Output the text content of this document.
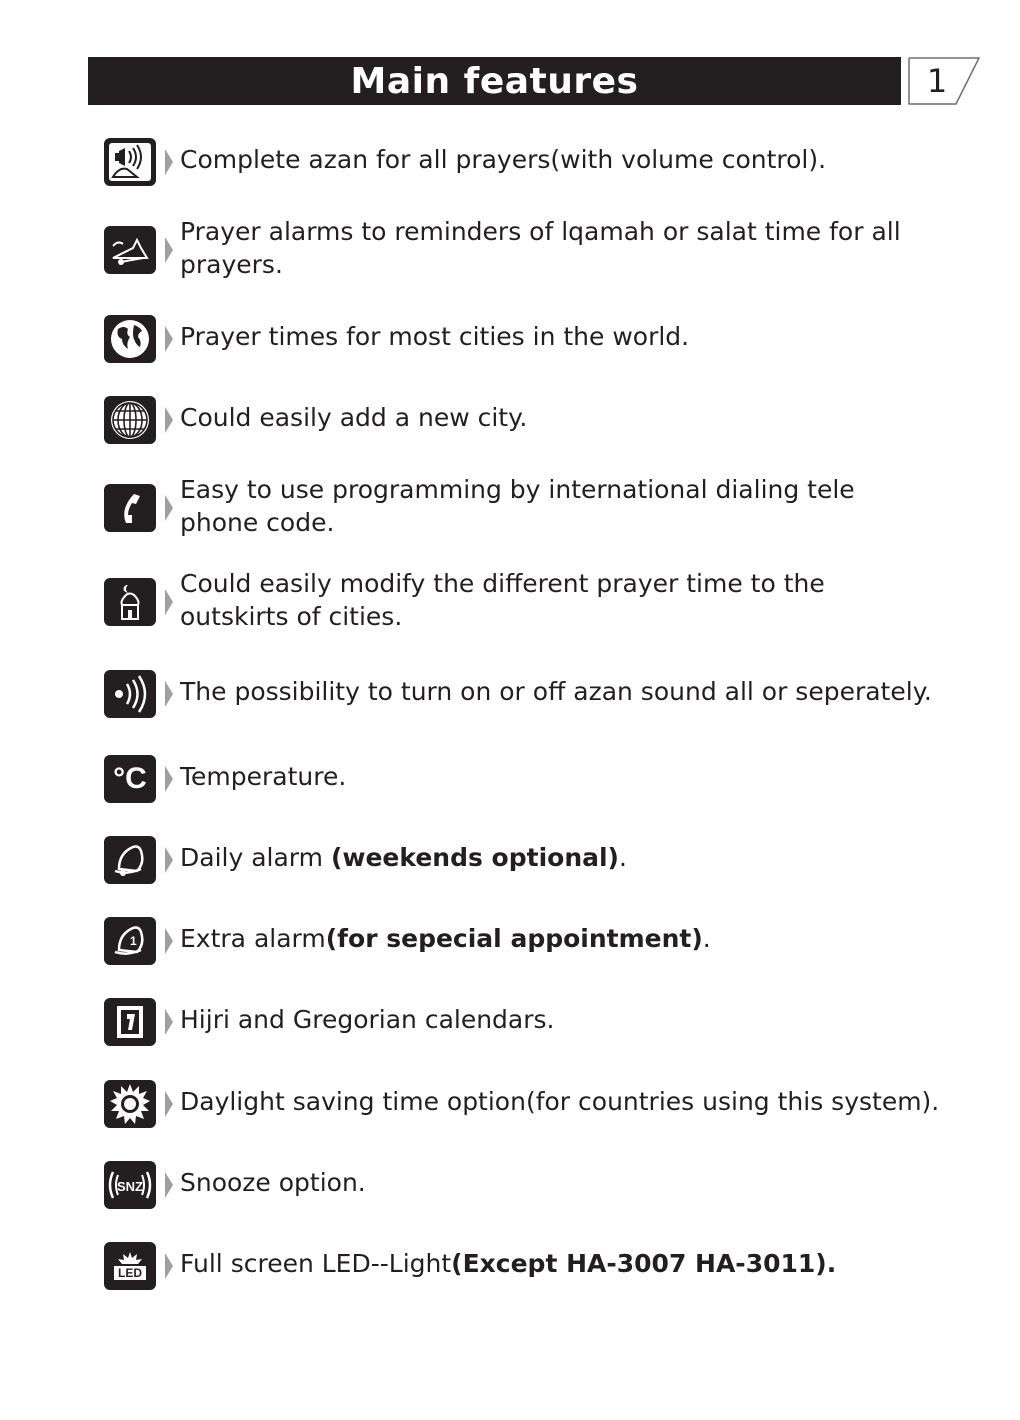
Main features	1
Complete azan for all prayers(with volume control).
Prayer alarms to reminders of lqamah or salat time for all
prayers.
Prayer times for most cities in the world.
Could easily add a new city.
Easy to use programming by international dialing tele
phone code.
Could easily modify the different prayer time to the
outskirts of cities.
The possibility to turn on or off azan sound all or seperately.
°C Temperature.
Daily alarm (weekends optional).
1 Extra alarm(for sepecial appointment).
Hijri and Gregorian calendars.
Daylight saving time option(for countries using this system).
SNZ Snooze option.
LED Full screen LED--Light(Except HA-3007 HA-3011).
